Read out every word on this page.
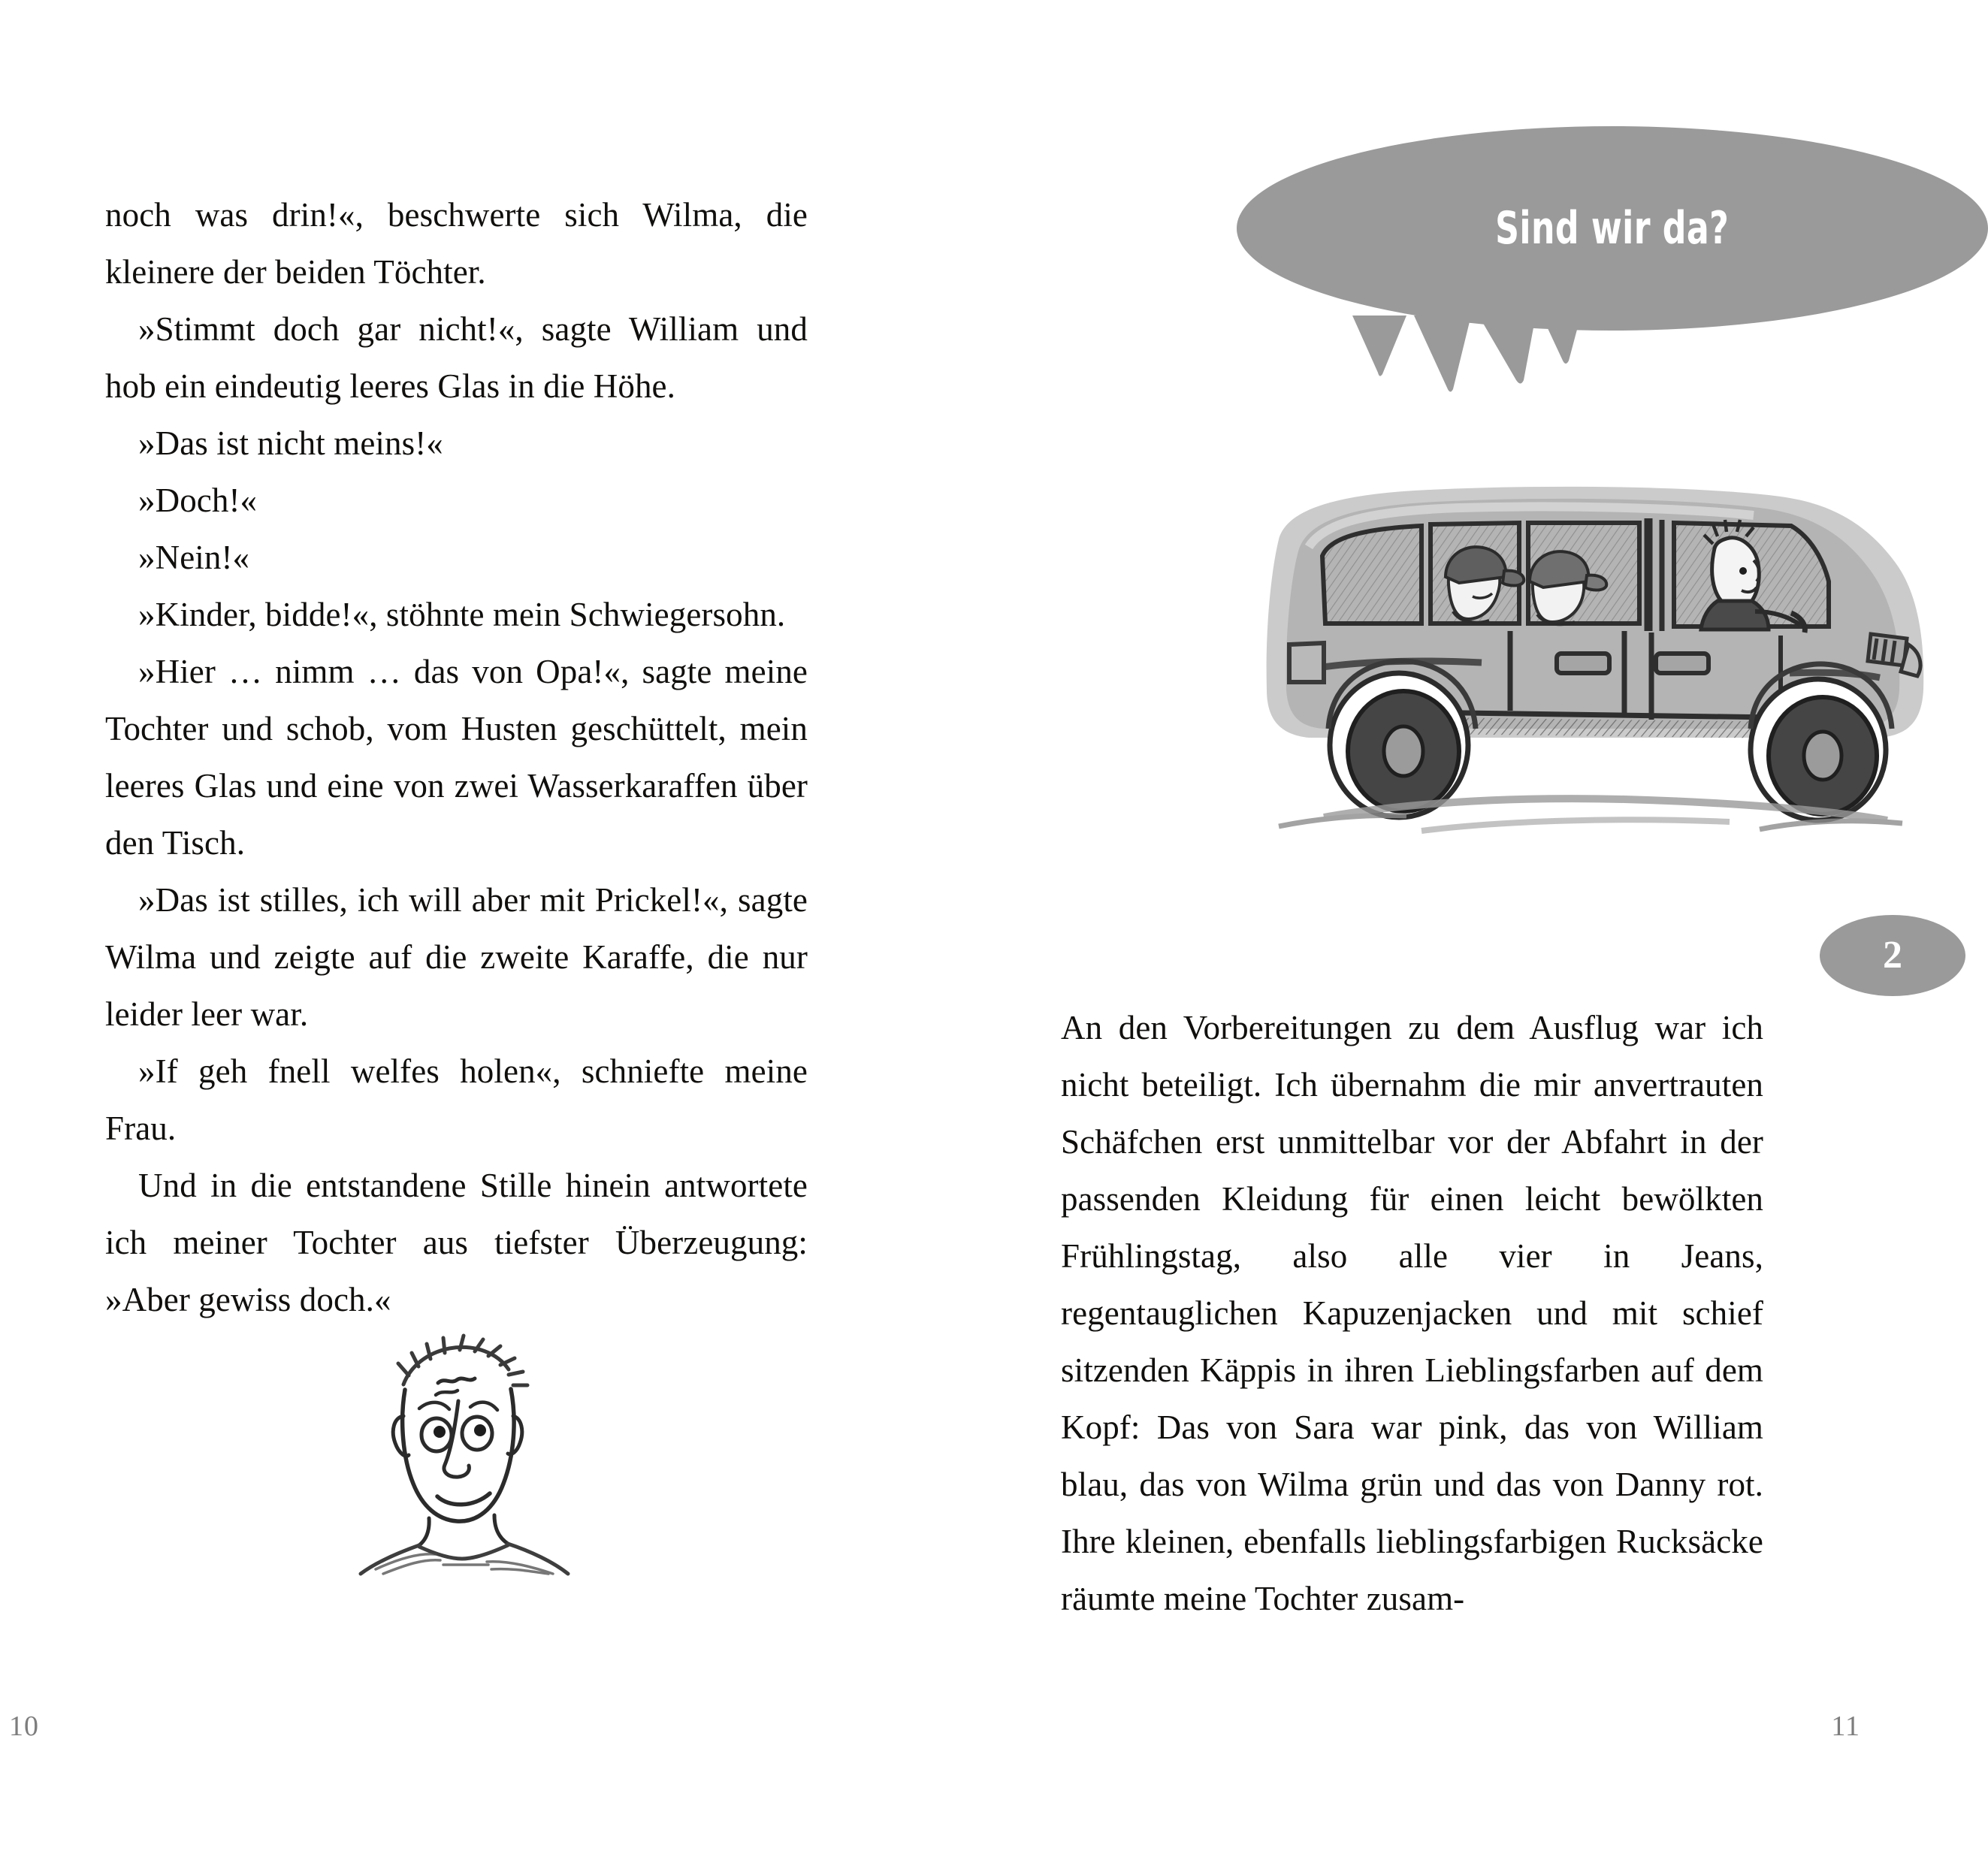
noch was drin!«, beschwerte sich Wilma, die kleinere der beiden Töchter.

»Stimmt doch gar nicht!«, sagte William und hob ein eindeutig leeres Glas in die Höhe.

»Das ist nicht meins!«

»Doch!«

»Nein!«

»Kinder, bidde!«, stöhnte mein Schwiegersohn.

»Hier … nimm … das von Opa!«, sagte meine Tochter und schob, vom Husten geschüttelt, mein leeres Glas und eine von zwei Wasserkaraffen über den Tisch.

»Das ist stilles, ich will aber mit Prickel!«, sagte Wilma und zeigte auf die zweite Karaffe, die nur leider leer war.

»If geh fnell welfes holen«, schniefte meine Frau.

Und in die entstandene Stille hinein antwortete ich meiner Tochter aus tiefster Überzeugung: »Aber gewiss doch.«

10
Sind wir da?
2

An den Vorbereitungen zu dem Ausflug war ich nicht beteiligt. Ich übernahm die mir anvertrauten Schäfchen erst unmittelbar vor der Abfahrt in der passenden Kleidung für einen leicht bewölkten Frühlingstag, also alle vier in Jeans, regentauglichen Kapuzenjacken und mit schief sitzenden Käppis in ihren Lieblingsfarben auf dem Kopf: Das von Sara war pink, das von William blau, das von Wilma grün und das von Danny rot. Ihre kleinen, ebenfalls lieblingsfarbigen Rucksäcke räumte meine Tochter zusam-

11
